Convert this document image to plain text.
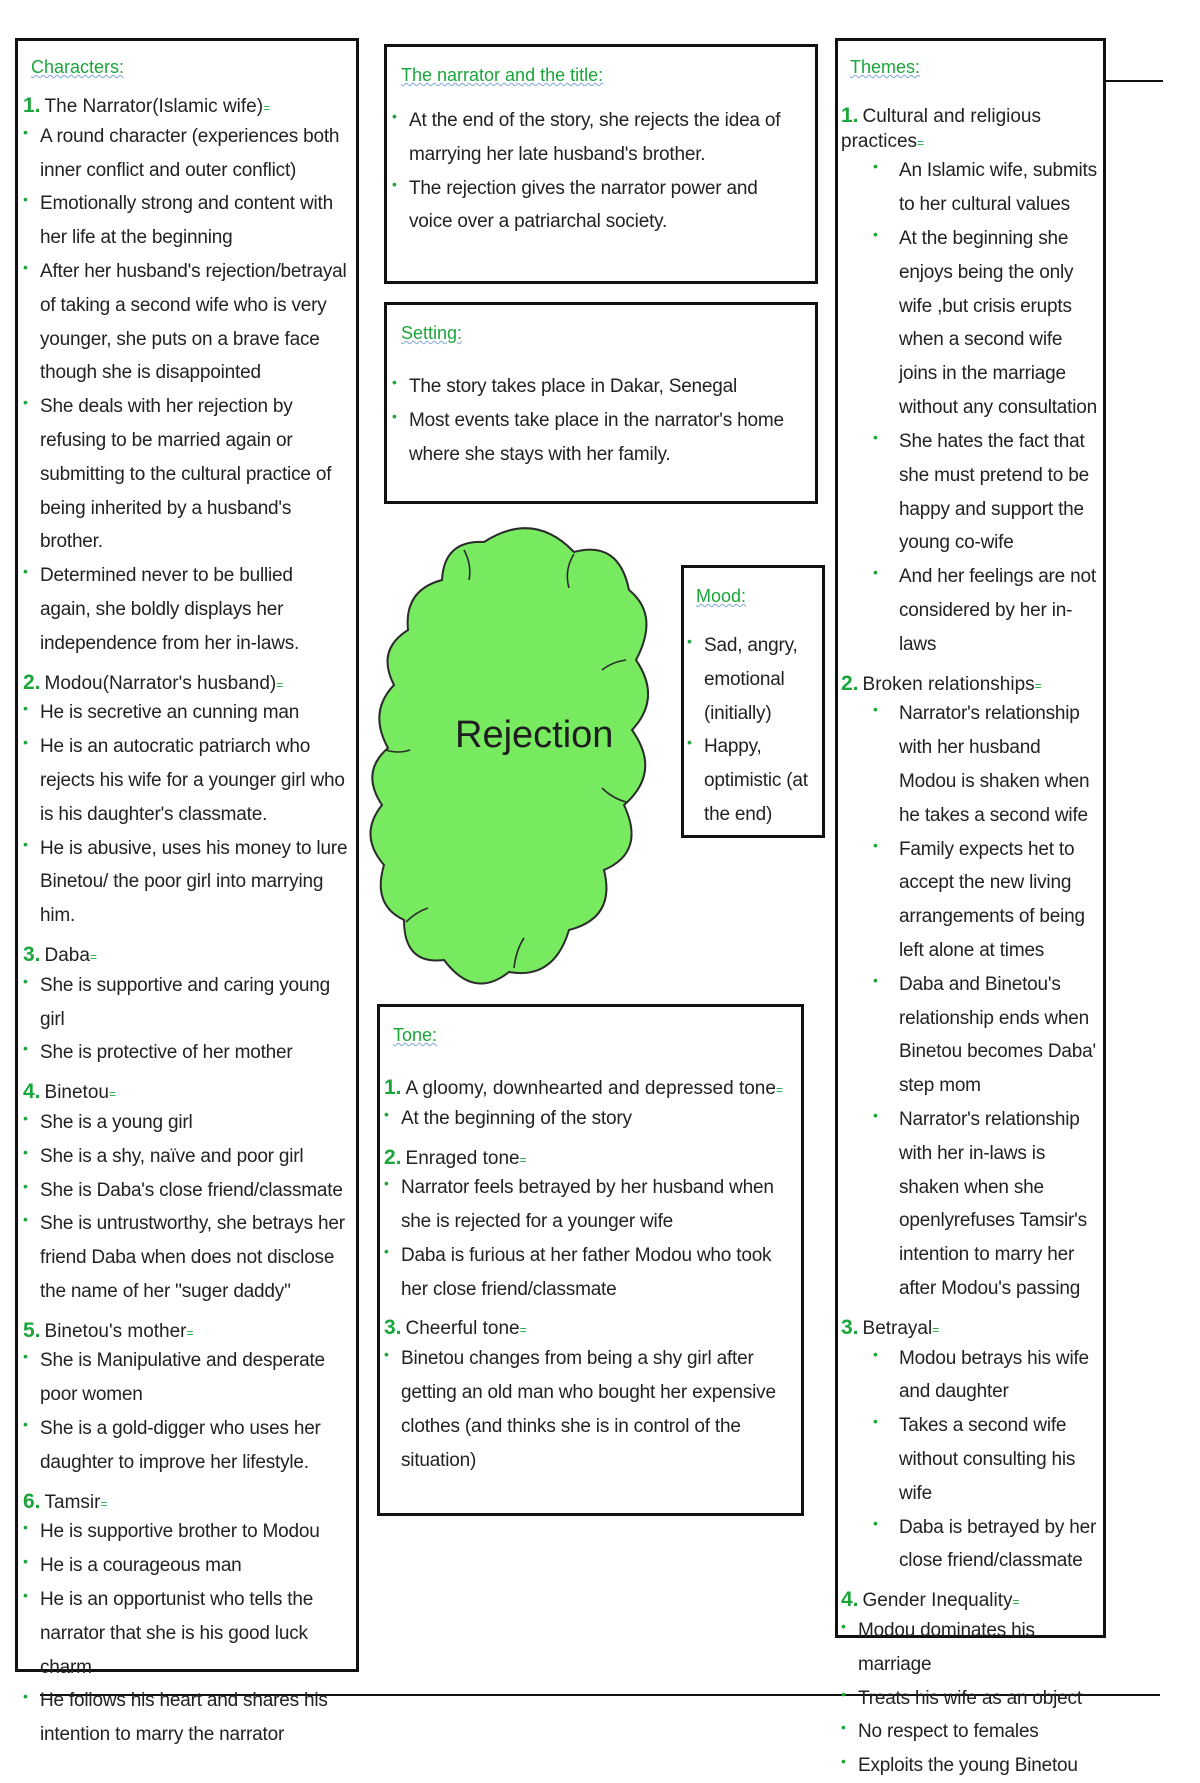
Characters:
1. The Narrator(Islamic wife)=
• A round character (experiences both inner conflict and outer conflict)
• Emotionally strong and content with her life at the beginning
• After her husband's rejection/betrayal of taking a second wife who is very younger, she puts on a brave face though she is disappointed
• She deals with her rejection by refusing to be married again or submitting to the cultural practice of being inherited by a husband's brother.
• Determined never to be bullied again, she boldly displays her independence from her in-laws.
2. Modou(Narrator's husband)=
• He is secretive an cunning man
• He is an autocratic patriarch who rejects his wife for a younger girl who is his daughter's classmate.
• He is abusive, uses his money to lure Binetou/ the poor girl into marrying him.
3. Daba=
• She is supportive and caring young girl
• She is protective of her mother
4. Binetou=
• She is a young girl
• She is a shy, naïve and poor girl
• She is Daba's close friend/classmate
• She is untrustworthy, she betrays her friend Daba when does not disclose the name of her "suger daddy"
5. Binetou's mother=
• She is Manipulative and desperate poor women
• She is a gold-digger who uses her daughter to improve her lifestyle.
6. Tamsir=
• He is supportive brother to Modou
• He is a courageous man
• He is an opportunist who tells the narrator that she is his good luck charm
• He follows his heart and shares his intention to marry the narrator
The narrator and the title:
• At the end of the story, she rejects the idea of marrying her late husband's brother.
• The rejection gives the narrator power and voice over a patriarchal society.
Setting:
• The story takes place in Dakar, Senegal
• Most events take place in the narrator's home where she stays with her family.
Rejection
Mood:
• Sad, angry, emotional (initially)
• Happy, optimistic (at the end)
Tone:
1. A gloomy, downhearted and depressed tone=
• At the beginning of the story
2. Enraged tone=
• Narrator feels betrayed by her husband when she is rejected for a younger wife
• Daba is furious at her father Modou who took her close friend/classmate
3. Cheerful tone=
• Binetou changes from being a shy girl after getting an old man who bought her expensive clothes (and thinks she is in control of the situation)
Themes:
1. Cultural and religious practices=
• An Islamic wife, submits to her cultural values
• At the beginning she enjoys being the only wife ,but crisis erupts when a second wife joins in the marriage without any consultation
• She hates the fact that she must pretend to be happy and support the young co-wife
• And her feelings are not considered by her in-laws
2. Broken relationships=
• Narrator's relationship with her husband Modou is shaken when he takes a second wife
• Family expects het to accept the new living arrangements of being left alone at times
• Daba and Binetou's relationship ends when Binetou becomes Daba' step mom
• Narrator's relationship with her in-laws is shaken when she openlyrefuses Tamsir's intention to marry her after Modou's passing
3. Betrayal=
• Modou betrays his wife and daughter
• Takes a second wife without consulting his wife
• Daba is betrayed by her close friend/classmate
4. Gender Inequality=
• Modou dominates his marriage
• Treats his wife as an object
• No respect to females
• Exploits the young Binetou
